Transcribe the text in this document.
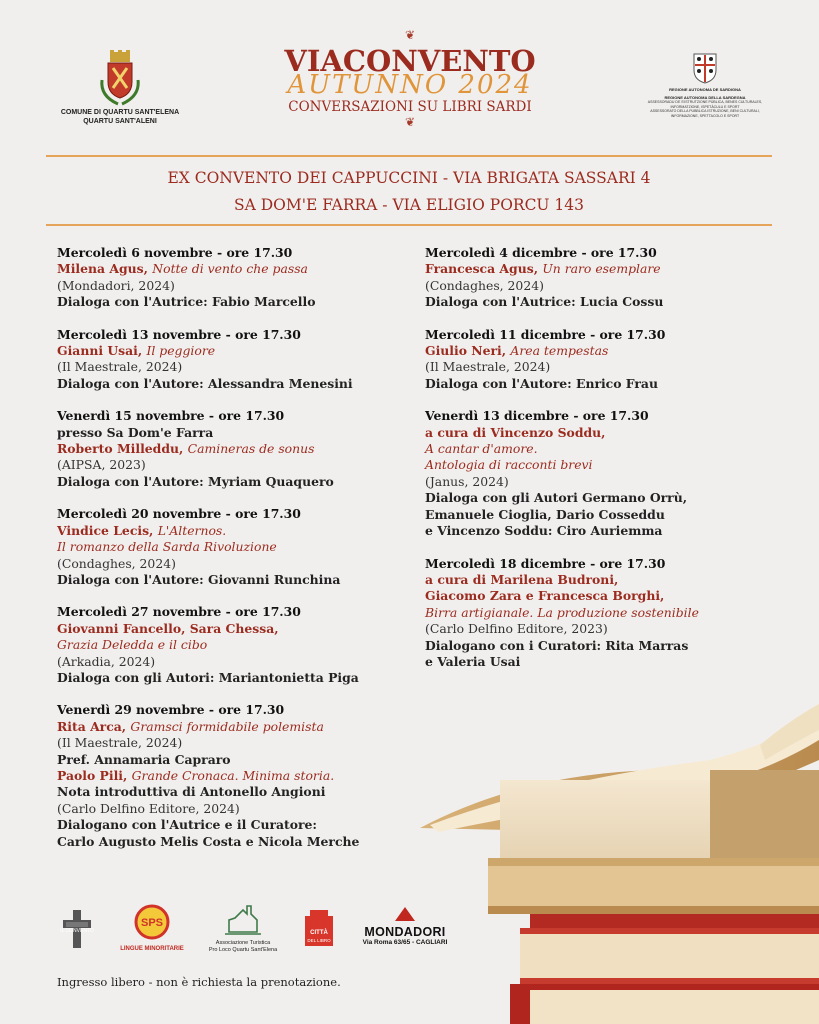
COMUNE DI QUARTU SANT'ELENA
QUARTU SANT'ALENI
❦
VIACONVENTO
AUTUNNO 2024
CONVERSAZIONI SU LIBRI SARDI
❦
REGIONE AUTONOMA DE SARDIGNA
REGIONE AUTONOMA DELLA SARDEGNA
ASSESSORADU DE S'ISTRUTZIONE PÙBLICA, BENES CULTURALES, INFORMATZIONE, ISPETÀCULU E SPORT
ASSESSORATO DELLA PUBBLICA ISTRUZIONE, BENI CULTURALI, INFORMAZIONE, SPETTACOLO E SPORT
EX CONVENTO DEI CAPPUCCINI - VIA BRIGATA SASSARI 4
SA DOM'E FARRA - VIA ELIGIO PORCU 143
Mercoledì 6 novembre - ore 17.30
Milena Agus, Notte di vento che passa
(Mondadori, 2024)
Dialoga con l'Autrice: Fabio Marcello
Mercoledì 13 novembre - ore 17.30
Gianni Usai, Il peggiore
(Il Maestrale, 2024)
Dialoga con l'Autore: Alessandra Menesini
Venerdì 15 novembre - ore 17.30
presso Sa Dom'e Farra
Roberto Milleddu, Camineras de sonus
(AIPSA, 2023)
Dialoga con l'Autore: Myriam Quaquero
Mercoledì 20 novembre - ore 17.30
Vindice Lecis, L'Alternos.
Il romanzo della Sarda Rivoluzione
(Condaghes, 2024)
Dialoga con l'Autore: Giovanni Runchina
Mercoledì 27 novembre - ore 17.30
Giovanni Fancello, Sara Chessa,
Grazia Deledda e il cibo
(Arkadia, 2024)
Dialoga con gli Autori: Mariantonietta Piga
Venerdì 29 novembre - ore 17.30
Rita Arca, Gramsci formidabile polemista
(Il Maestrale, 2024)
Pref. Annamaria Capraro
Paolo Pili, Grande Cronaca. Minima storia.
Nota introduttiva di Antonello Angioni
(Carlo Delfino Editore, 2024)
Dialogano con l'Autrice e il Curatore:
Carlo Augusto Melis Costa e Nicola Merche
Mercoledì 4 dicembre - ore 17.30
Francesca Agus, Un raro esemplare
(Condaghes, 2024)
Dialoga con l'Autrice: Lucia Cossu
Mercoledì 11 dicembre - ore 17.30
Giulio Neri, Area tempestas
(Il Maestrale, 2024)
Dialoga con l'Autore: Enrico Frau
Venerdì 13 dicembre - ore 17.30
a cura di Vincenzo Soddu,
A cantar d'amore.
Antologia di racconti brevi
(Janus, 2024)
Dialoga con gli Autori Germano Orrù,
Emanuele Cioglia, Dario Cosseddu
e Vincenzo Soddu: Ciro Auriemma
Mercoledì 18 dicembre - ore 17.30
a cura di Marilena Budroni,
Giacomo Zara e Francesca Borghi,
Birra artigianale. La produzione sostenibile
(Carlo Delfino Editore, 2023)
Dialogano con i Curatori: Rita Marras
e Valeria Usai
IL CONVENTO
SPS
LINGUE MINORITARIE
Associazione Turistica
Pro Loco Quartu Sant'Elena
CITTÀ
DEL LIBRO
MONDADORI
Via Roma 63/65 - CAGLIARI
Ingresso libero - non è richiesta la prenotazione.
